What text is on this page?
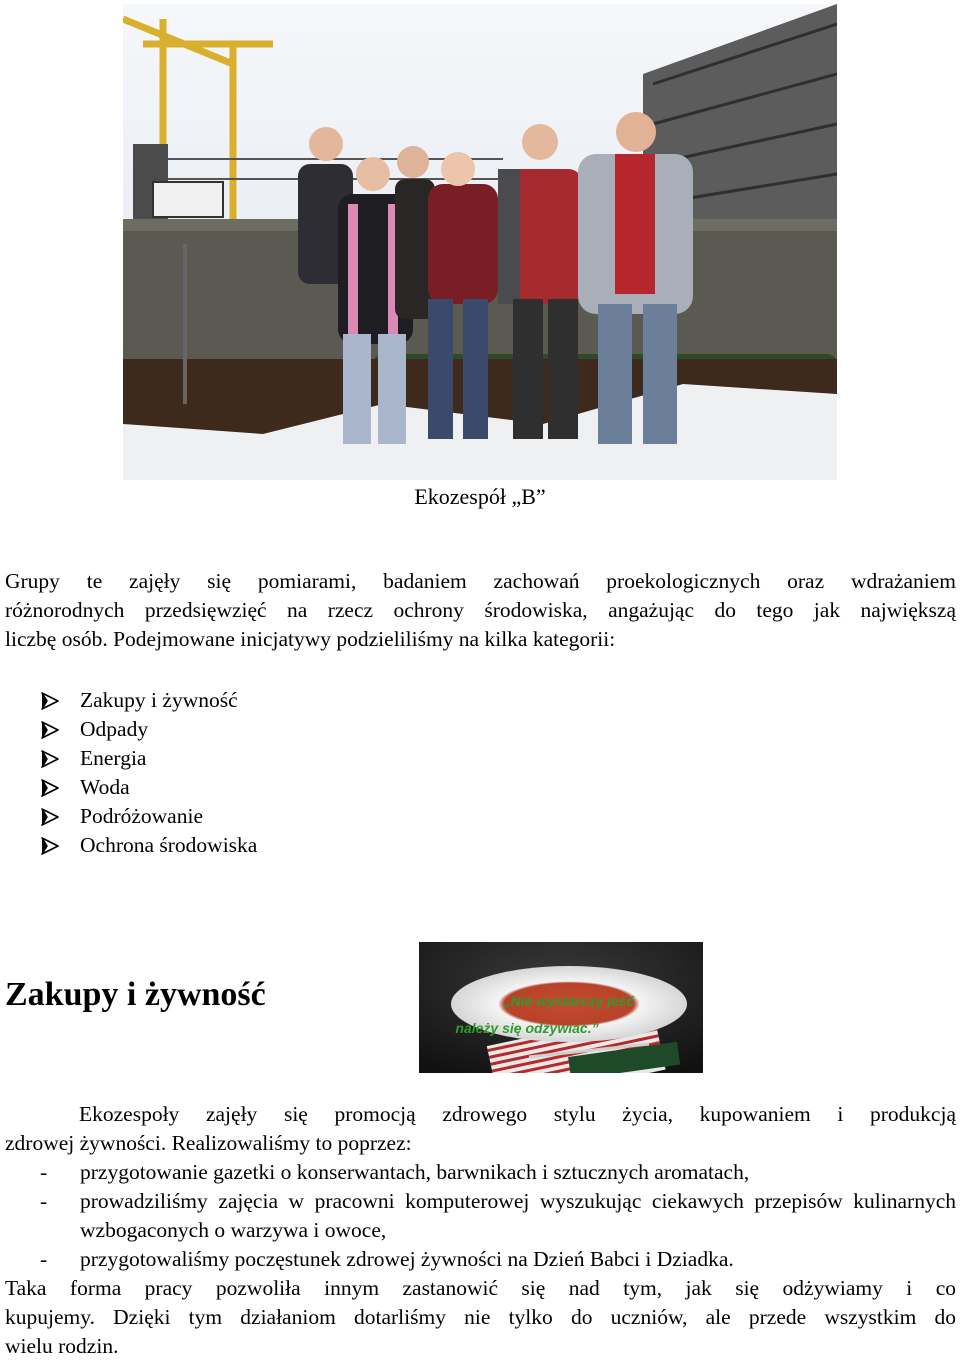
Ekozespół „B”

Grupy te zajęły się pomiarami, badaniem zachowań proekologicznych oraz wdrażaniem

różnorodnych przedsięwzięć na rzecz ochrony środowiska, angażując do tego jak największą

liczbę osób. Podejmowane inicjatywy podzieliliśmy na kilka kategorii:

Zakupy i żywność
Odpady
Energia
Woda
Podróżowanie
Ochrona środowiska
Zakupy i żywność	„Nie wystarczy jeść
należy się odżywiać.”
Ekozespoły zajęły się promocją zdrowego stylu życia, kupowaniem i produkcją
zdrowej żywności. Realizowaliśmy to poprzez:
-	przygotowanie gazetki o konserwantach, barwnikach i sztucznych aromatach,
-	prowadziliśmy zajęcia w pracowni komputerowej wyszukując ciekawych przepisów kulinarnych wzbogaconych o warzywa i owoce,
-	przygotowaliśmy poczęstunek zdrowej żywności na Dzień Babci i Dziadka.
Taka forma pracy pozwoliła innym zastanowić się nad tym, jak się odżywiamy i co
kupujemy. Dzięki tym działaniom dotarliśmy nie tylko do uczniów, ale przede wszystkim do
wielu rodzin.
